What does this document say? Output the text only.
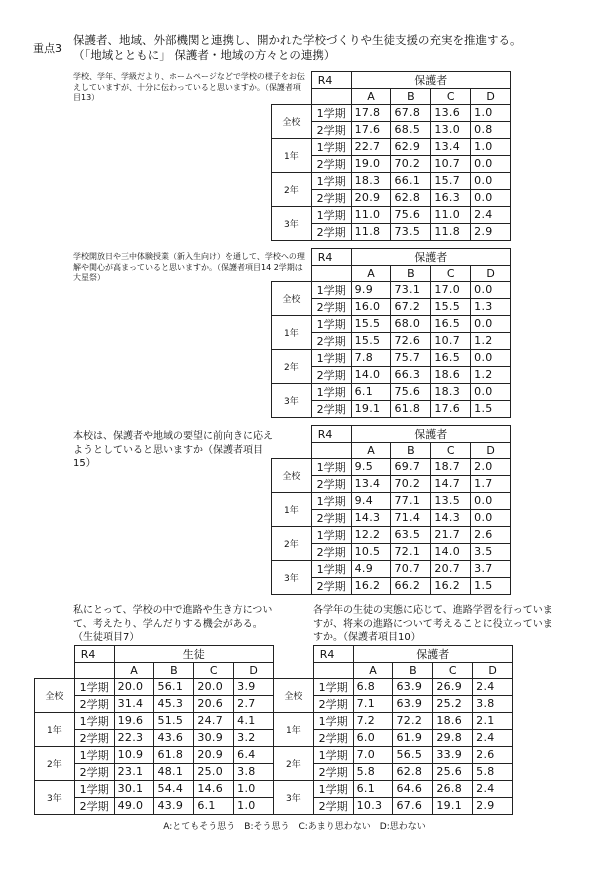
重点3
保護者、地域、外部機関と連携し、開かれた学校づくりや生徒支援の充実を推進する。
（「地域とともに」 保護者・地域の方々との連携）
学校、学年、学級だより、ホームページなどで学校の様子をお伝えしていますが、十分に伝わっていると思いますか。（保護者項目13）
	R4	保護者			
		A	B	C	D
全校	1学期	17.8	67.8	13.6	1.0
	2学期	17.6	68.5	13.0	0.8
1年	1学期	22.7	62.9	13.4	1.0
	2学期	19.0	70.2	10.7	0.0
2年	1学期	18.3	66.1	15.7	0.0
	2学期	20.9	62.8	16.3	0.0
3年	1学期	11.0	75.6	11.0	2.4
	2学期	11.8	73.5	11.8	2.9
学校開放日や三中体験授業（新入生向け）を通して、学校への理解や関心が高まっていると思いますか。（保護者項目14 2学期は大星祭）
	R4	保護者			
		A	B	C	D
全校	1学期	9.9	73.1	17.0	0.0
	2学期	16.0	67.2	15.5	1.3
1年	1学期	15.5	68.0	16.5	0.0
	2学期	15.5	72.6	10.7	1.2
2年	1学期	7.8	75.7	16.5	0.0
	2学期	14.0	66.3	18.6	1.2
3年	1学期	6.1	75.6	18.3	0.0
	2学期	19.1	61.8	17.6	1.5
本校は、保護者や地域の要望に前向きに応えようとしていると思いますか（保護者項目15）
	R4	保護者			
		A	B	C	D
全校	1学期	9.5	69.7	18.7	2.0
	2学期	13.4	70.2	14.7	1.7
1年	1学期	9.4	77.1	13.5	0.0
	2学期	14.3	71.4	14.3	0.0
2年	1学期	12.2	63.5	21.7	2.6
	2学期	10.5	72.1	14.0	3.5
3年	1学期	4.9	70.7	20.7	3.7
	2学期	16.2	66.2	16.2	1.5
私にとって、学校の中で進路や生き方について、考えたり、学んだりする機会がある。（生徒項目7）
	R4	生徒			
		A	B	C	D
全校	1学期	20.0	56.1	20.0	3.9
	2学期	31.4	45.3	20.6	2.7
1年	1学期	19.6	51.5	24.7	4.1
	2学期	22.3	43.6	30.9	3.2
2年	1学期	10.9	61.8	20.9	6.4
	2学期	23.1	48.1	25.0	3.8
3年	1学期	30.1	54.4	14.6	1.0
	2学期	49.0	43.9	6.1	1.0
各学年の生徒の実態に応じて、進路学習を行っていますが、将来の進路について考えることに役立っていますか。（保護者項目10）
	R4	保護者			
		A	B	C	D
全校	1学期	6.8	63.9	26.9	2.4
	2学期	7.1	63.9	25.2	3.8
1年	1学期	7.2	72.2	18.6	2.1
	2学期	6.0	61.9	29.8	2.4
2年	1学期	7.0	56.5	33.9	2.6
	2学期	5.8	62.8	25.6	5.8
3年	1学期	6.1	64.6	26.8	2.4
	2学期	10.3	67.6	19.1	2.9
A:とてもそう思う　B:そう思う　C:あまり思わない　D:思わない
